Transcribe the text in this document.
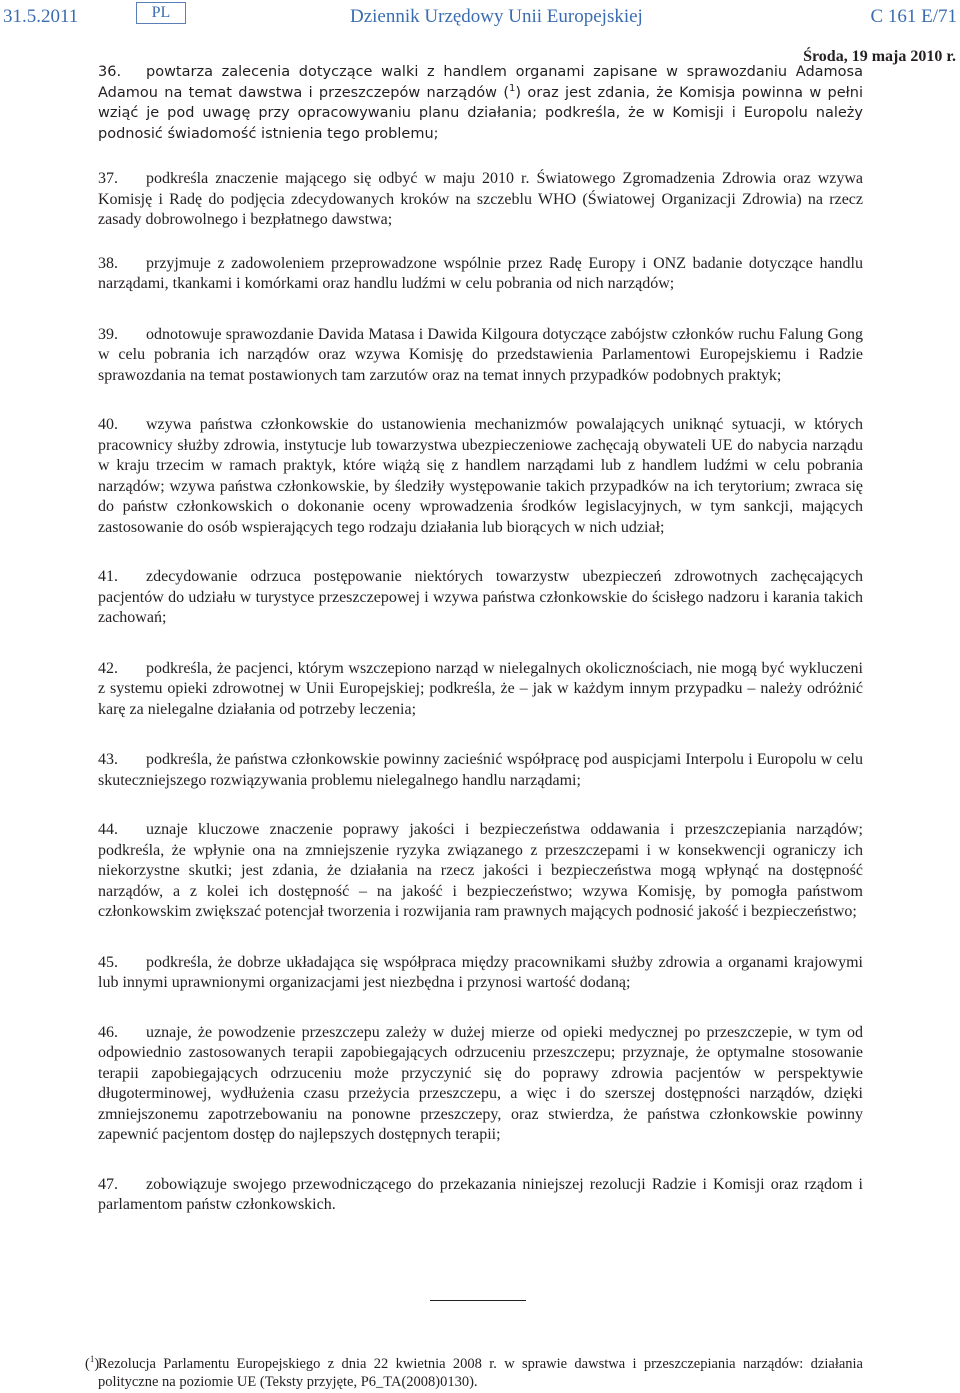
31.5.2011	PL	Dziennik Urzędowy Unii Europejskiej	C 161 E/71
Środa, 19 maja 2010 r.

36. powtarza zalecenia dotyczące walki z handlem organami zapisane w sprawozdaniu Adamosa Adamou na temat dawstwa i przeszczepów narządów ($^1$) oraz jest zdania, że Komisja powinna w pełni wziąć je pod uwagę przy opracowywaniu planu działania; podkreśla, że w Komisji i Europolu należy podnosić świadomość istnienia tego problemu;

37. podkreśla znaczenie mającego się odbyć w maju 2010 r. Światowego Zgromadzenia Zdrowia oraz wzywa Komisję i Radę do podjęcia zdecydowanych kroków na szczeblu WHO (Światowej Organizacji Zdrowia) na rzecz zasady dobrowolnego i bezpłatnego dawstwa;

38. przyjmuje z zadowoleniem przeprowadzone wspólnie przez Radę Europy i ONZ badanie dotyczące handlu narządami, tkankami i komórkami oraz handlu ludźmi w celu pobrania od nich narządów;

39. odnotowuje sprawozdanie Davida Matasa i Dawida Kilgoura dotyczące zabójstw członków ruchu Falung Gong w celu pobrania ich narządów oraz wzywa Komisję do przedstawienia Parlamentowi Europejskiemu i Radzie sprawozdania na temat postawionych tam zarzutów oraz na temat innych przypadków podobnych praktyk;

40. wzywa państwa członkowskie do ustanowienia mechanizmów powalających uniknąć sytuacji, w których pracownicy służby zdrowia, instytucje lub towarzystwa ubezpieczeniowe zachęcają obywateli UE do nabycia narządu w kraju trzecim w ramach praktyk, które wiążą się z handlem narządami lub z handlem ludźmi w celu pobrania narządów; wzywa państwa członkowskie, by śledziły występowanie takich przypadków na ich terytorium; zwraca się do państw członkowskich o dokonanie oceny wprowadzenia środków legislacyjnych, w tym sankcji, mających zastosowanie do osób wspierających tego rodzaju działania lub biorących w nich udział;

41. zdecydowanie odrzuca postępowanie niektórych towarzystw ubezpieczeń zdrowotnych zachęcających pacjentów do udziału w turystyce przeszczepowej i wzywa państwa członkowskie do ścisłego nadzoru i karania takich zachowań;

42. podkreśla, że pacjenci, którym wszczepiono narząd w nielegalnych okolicznościach, nie mogą być wykluczeni z systemu opieki zdrowotnej w Unii Europejskiej; podkreśla, że – jak w każdym innym przypadku – należy odróżnić karę za nielegalne działania od potrzeby leczenia;

43. podkreśla, że państwa członkowskie powinny zacieśnić współpracę pod auspicjami Interpolu i Europolu w celu skuteczniejszego rozwiązywania problemu nielegalnego handlu narządami;

44. uznaje kluczowe znaczenie poprawy jakości i bezpieczeństwa oddawania i przeszczepiania narządów; podkreśla, że wpłynie ona na zmniejszenie ryzyka związanego z przeszczepami i w konsekwencji ograniczy ich niekorzystne skutki; jest zdania, że działania na rzecz jakości i bezpieczeństwa mogą wpłynąć na dostępność narządów, a z kolei ich dostępność – na jakość i bezpieczeństwo; wzywa Komisję, by pomogła państwom członkowskim zwiększać potencjał tworzenia i rozwijania ram prawnych mających podnosić jakość i bezpieczeństwo;

45. podkreśla, że dobrze układająca się współpraca między pracownikami służby zdrowia a organami krajowymi lub innymi uprawnionymi organizacjami jest niezbędna i przynosi wartość dodaną;

46. uznaje, że powodzenie przeszczepu zależy w dużej mierze od opieki medycznej po przeszczepie, w tym od odpowiednio zastosowanych terapii zapobiegających odrzuceniu przeszczepu; przyznaje, że optymalne stosowanie terapii zapobiegających odrzuceniu może przyczynić się do poprawy zdrowia pacjentów w perspektywie długoterminowej, wydłużenia czasu przeżycia przeszczepu, a więc i do szerszej dostępności narządów, dzięki zmniejszonemu zapotrzebowaniu na ponowne przeszczepy, oraz stwierdza, że państwa członkowskie powinny zapewnić pacjentom dostęp do najlepszych dostępnych terapii;

47. zobowiązuje swojego przewodniczącego do przekazania niniejszej rezolucji Radzie i Komisji oraz rządom i parlamentom państw członkowskich.

($^1$)
Rezolucja Parlamentu Europejskiego z dnia 22 kwietnia 2008 r. w sprawie dawstwa i przeszczepiania narządów: działania polityczne na poziomie UE (Teksty przyjęte, P6_TA(2008)0130).
